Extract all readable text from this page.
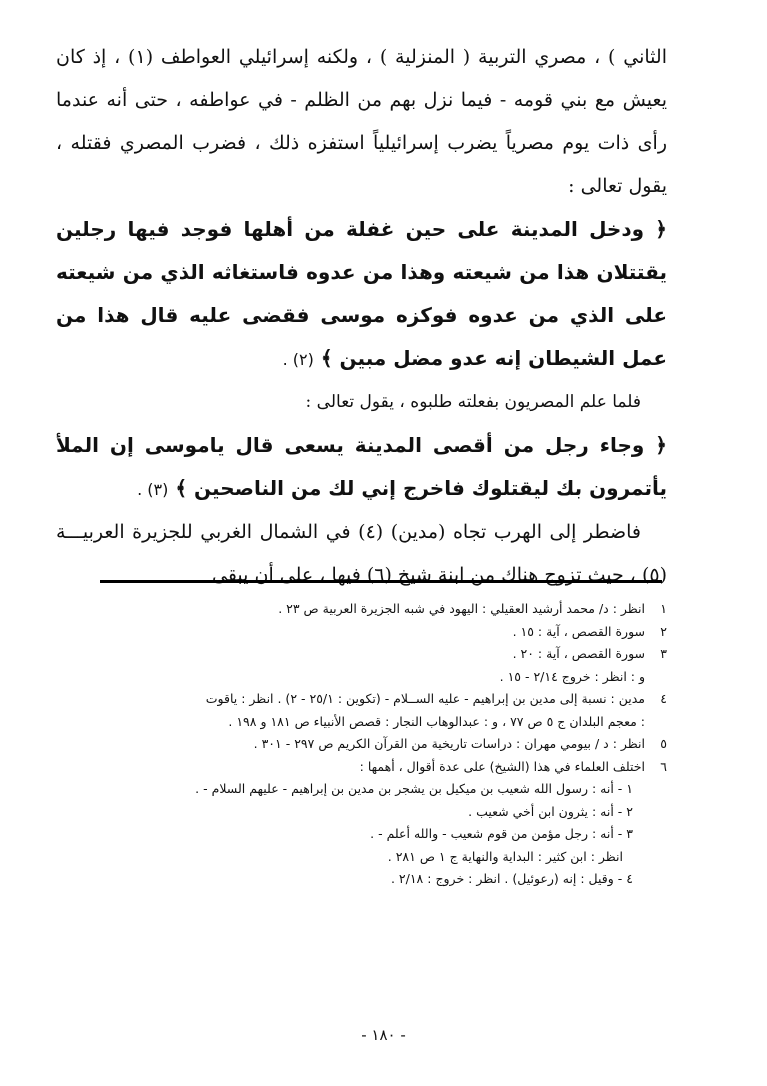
الثاني ) ، مصري التربية ( المنزلية ) ، ولكنه إسرائيلي العواطف (١) ، إذ كان يعيش مع بني قومه - فيما نزل بهم من الظلم - في عواطفه ، حتى أنه عندما رأى ذات يوم مصرياً يضرب إسرائيلياً استفزه ذلك ، فضرب المصري فقتله ، يقول تعالى :

﴿ ودخل المدينة على حين غفلة من أهلها فوجد فيها رجلين يقتتلان هذا من شيعته وهذا من عدوه فاستغاثه الذي من شيعته على الذي من عدوه فوكزه موسى فقضى عليه قال هذا من عمل الشيطان إنه عدو مضل مبين ﴾ (٢) .

فلما علم المصريون بفعلته طلبوه ، يقول تعالى :

﴿ وجاء رجل من أقصى المدينة يسعى قال ياموسى إن الملأ يأتمرون بك ليقتلوك فاخرج إني لك من الناصحين ﴾ (٣) .

فاضطر إلى الهرب تجاه (مدين) (٤) في الشمال الغربي للجزيرة العربيـــة (٥) ، حيث تزوج هناك من ابنة شيخ (٦) فيها ، على أن يبقى

١
انظر : د/ محمد أرشيد العقيلي : اليهود في شبه الجزيرة العربية ص ٢٣ .
٢
سورة القصص ، آية : ١٥ .
٣
سورة القصص ، آية : ٢٠ .
و : انظر : خروج ٢/١٤ - ١٥ .
٤
مدين : نسبة إلى مدين بن إبراهيم - عليه الســلام - (تكوين : ٢٥/١ - ٢) . انظر : ياقوت
: معجم البلدان ج ٥ ص ٧٧ ، و : عبدالوهاب النجار : قصص الأنبياء ص ١٨١ و ١٩٨ .
٥
انظر : د / بيومي مهران : دراسات تاريخية من القرآن الكريم ص ٢٩٧ - ٣٠١ .
٦
اختلف العلماء في هذا (الشيخ) على عدة أقوال ، أهمها :
١ - أنه : رسول الله شعيب بن ميكيل بن يشجر بن مدين بن إبراهيم - عليهم السلام - .
٢ - أنه : يثرون ابن أخي شعيب .
٣ - أنه : رجل مؤمن من قوم شعيب - والله أعلم - .
انظر : ابن كثير : البداية والنهاية ج ١ ص ٢٨١ .
٤ - وقيل : إنه (رعوئيل) . انظر : خروج : ٢/١٨ .
- ١٨٠ -
